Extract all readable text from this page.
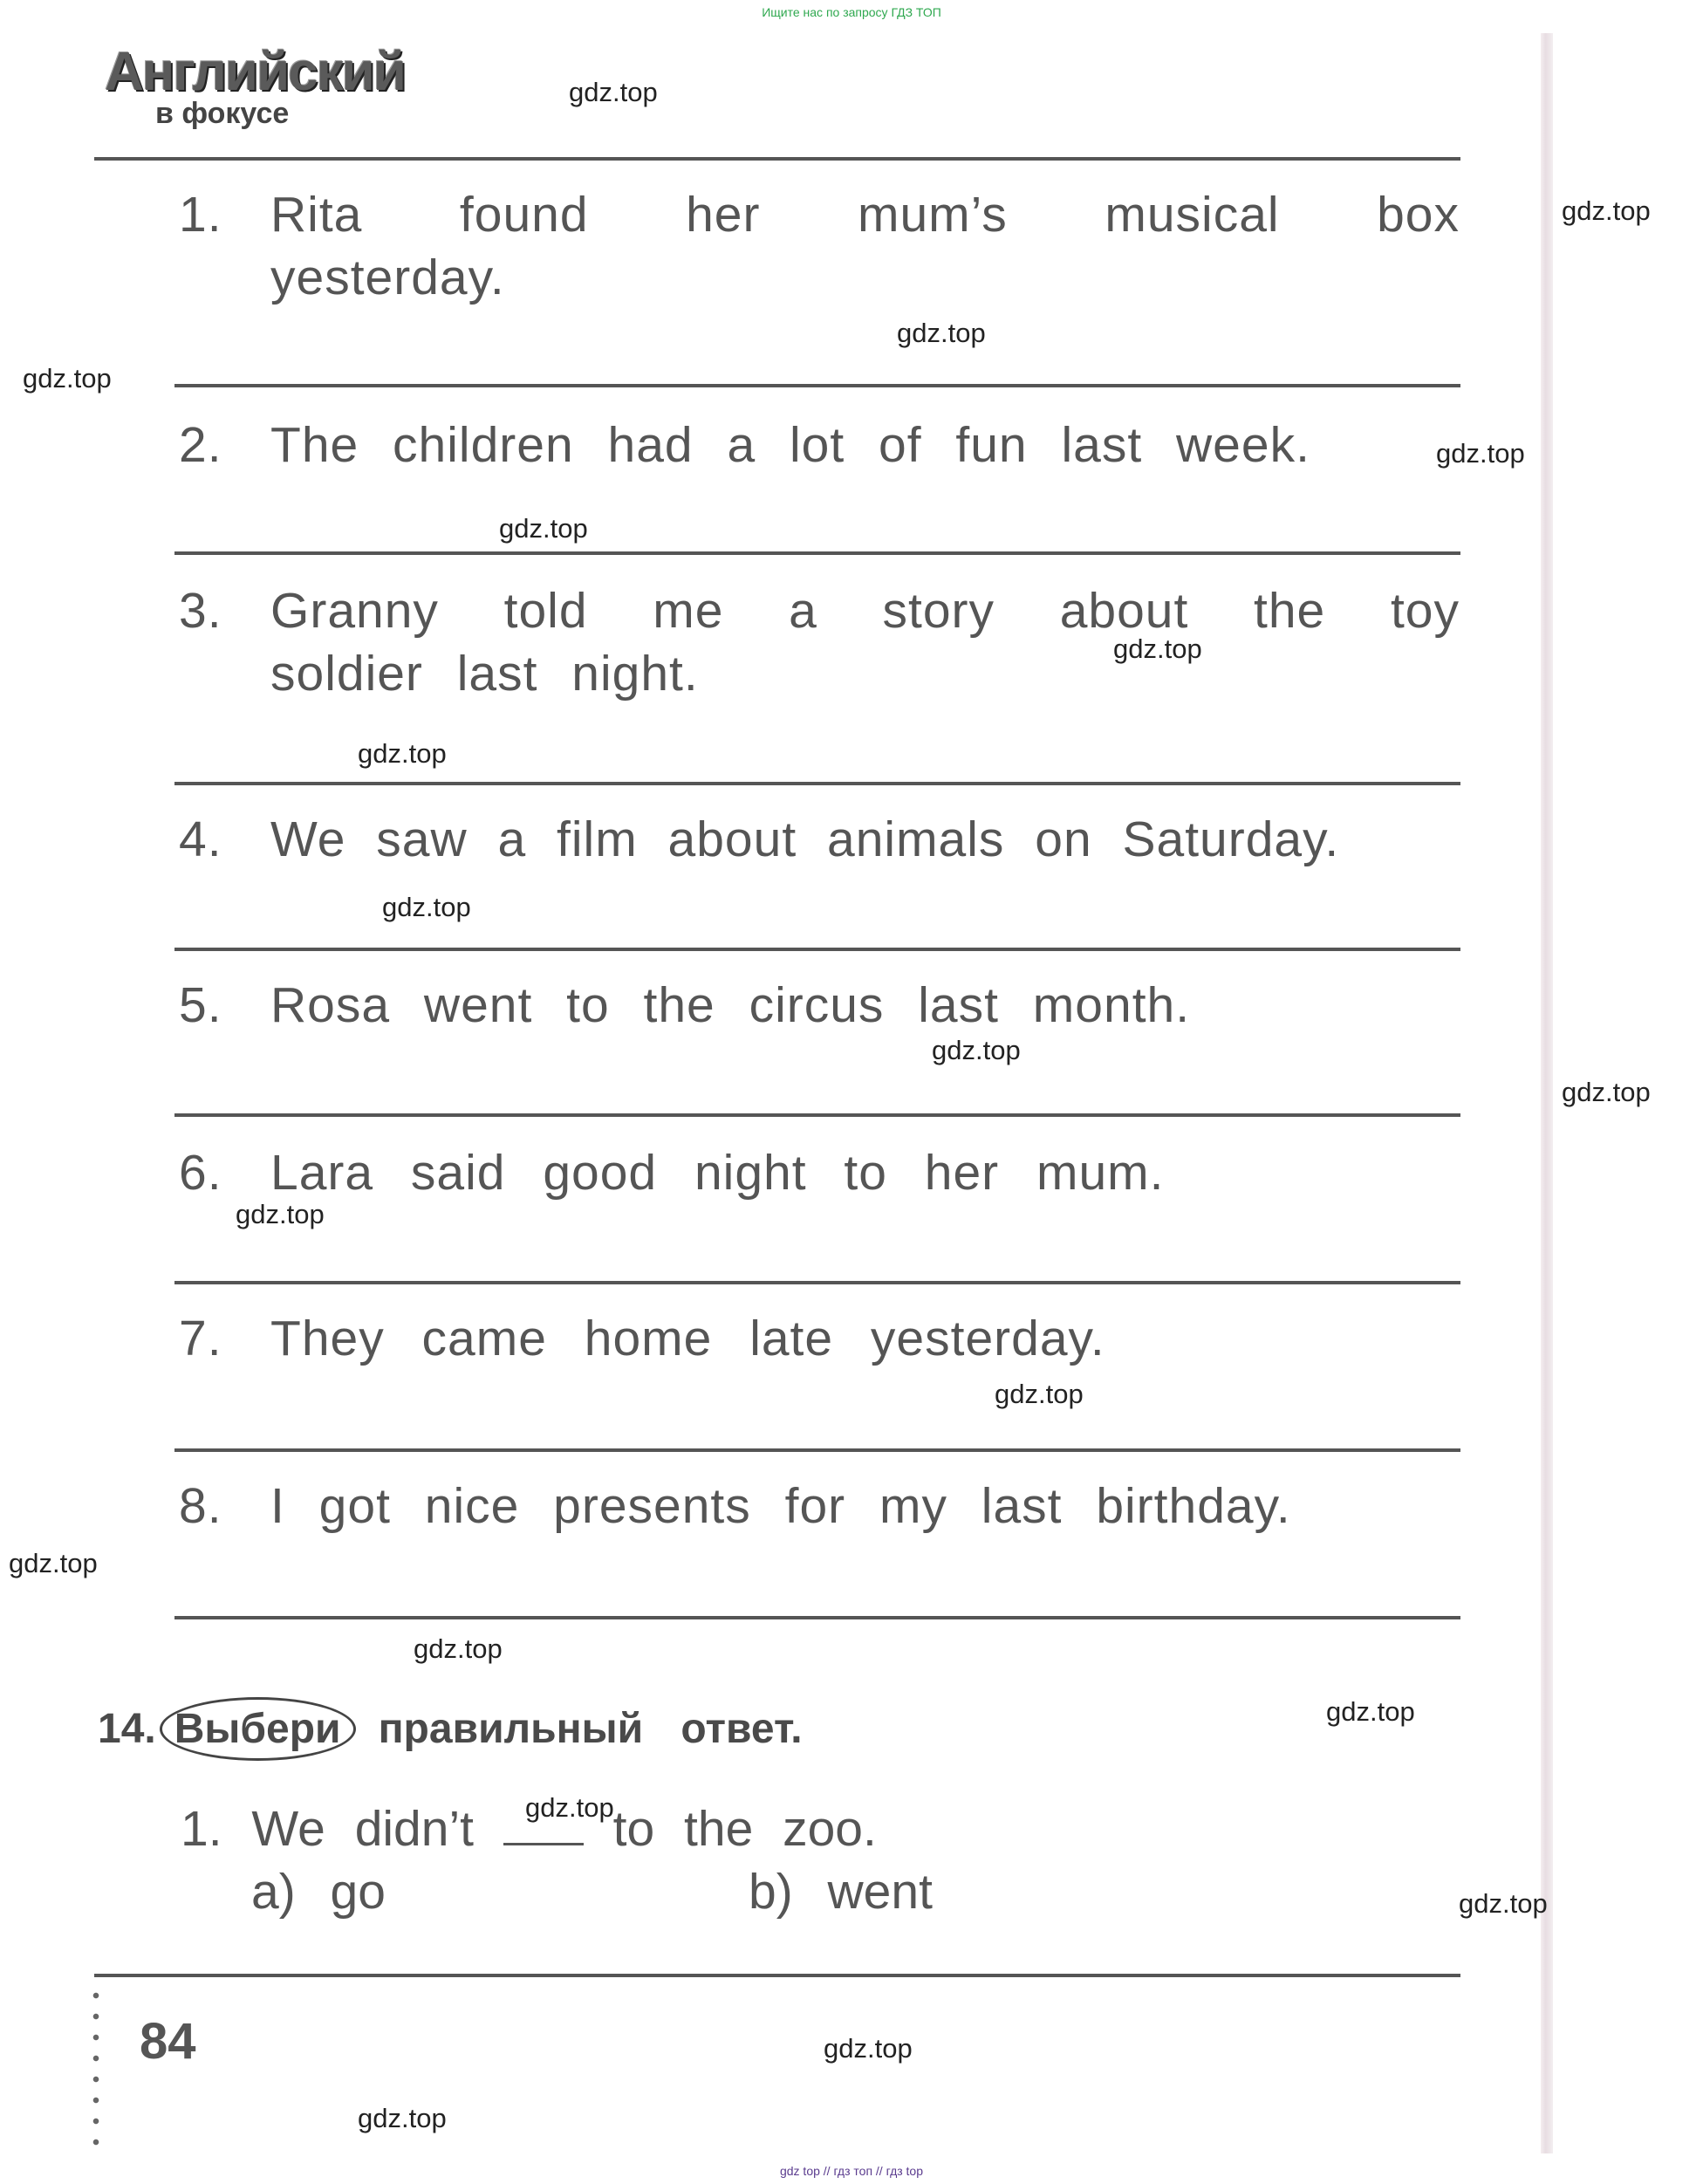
Ищите нас по запросу ГДЗ ТОП
Английский
в фокусе
1. Rita found her mum’s musical box
yesterday.
2. The children had a lot of fun last week.
3. Granny told me a story about the toy
soldier last night.
4. We saw a film about animals on Saturday.
5. Rosa went to the circus last month.
6. Lara said good night to her mum.
7. They came home late yesterday.
8. I got nice presents for my last birthday.
14. Выбери правильный ответ.
1. We didn’t	to the zoo.
a) go	b) went
84
gdz.top
gdz.top
gdz.top
gdz.top
gdz.top
gdz.top
gdz.top
gdz.top
gdz.top
gdz.top
gdz.top
gdz.top
gdz.top
gdz.top
gdz.top
gdz.top
gdz.top
gdz.top
gdz.top
gdz.top
gdz top // гдз топ // гдз top
